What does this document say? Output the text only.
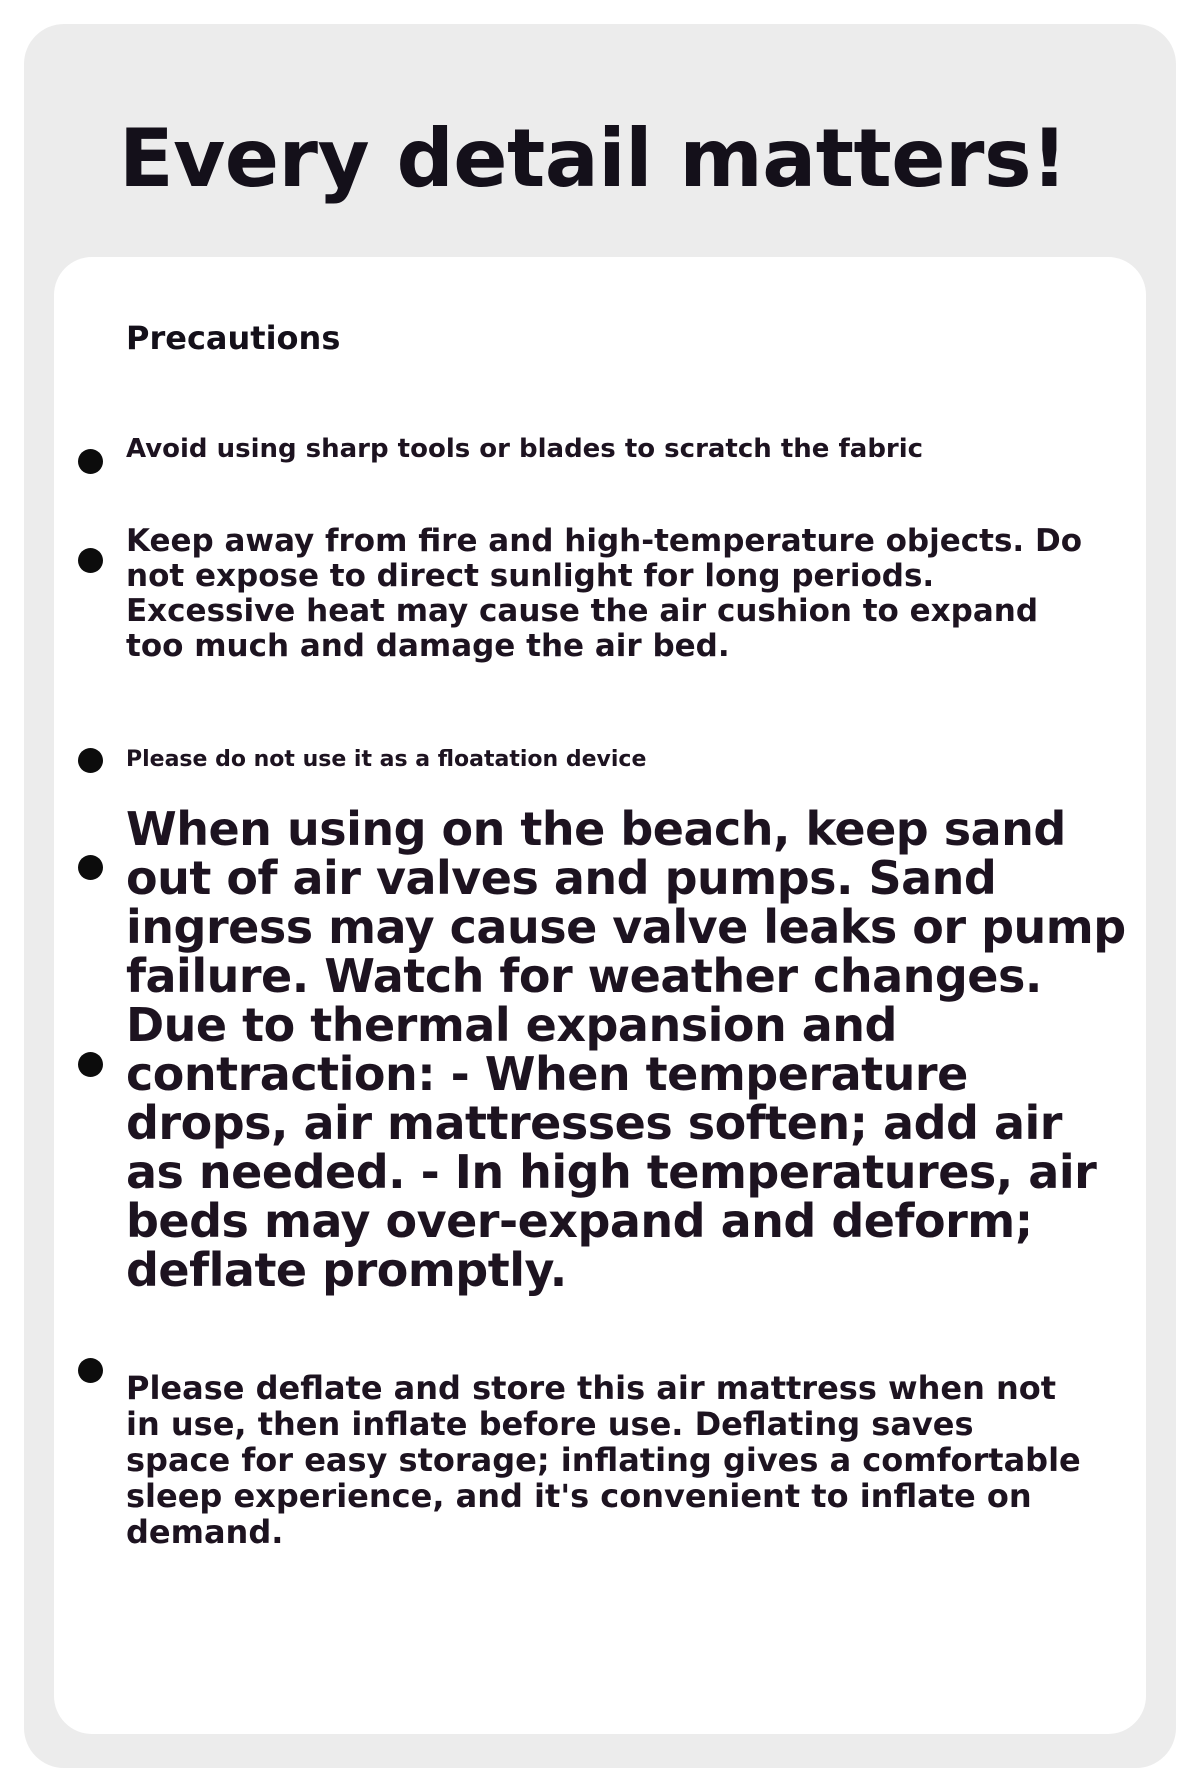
Every detail matters!
Precautions

Avoid using sharp tools or blades to scratch the fabric

Keep away from fire and high-temperature objects. Do not expose to direct sunlight for long periods. Excessive heat may cause the air cushion to expand too much and damage the air bed.

Please do not use it as a floatation device

When using on the beach, keep sand out of air valves and pumps. Sand ingress may cause valve leaks or pump failure. Watch for weather changes. Due to thermal expansion and contraction: - When temperature drops, air mattresses soften; add air as needed. - In high temperatures, air beds may over-expand and deform; deflate promptly.

Please deflate and store this air mattress when not in use, then inflate before use. Deflating saves space for easy storage; inflating gives a comfortable sleep experience, and it's convenient to inflate on demand.
